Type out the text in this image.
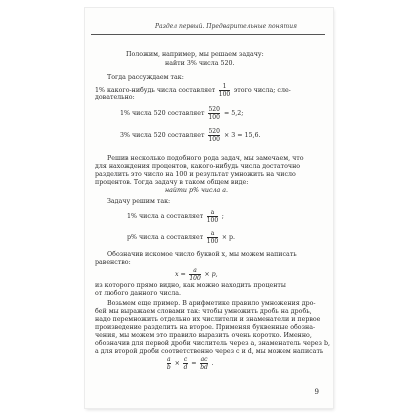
Раздел первый. Предварительные понятия
Положим, например, мы решаем задачу:
найти 3% числа 520.
Тогда рассуждаем так:
1% какого-нибудь числа составляет $\frac{1}{100}$ этого числа; сле-
довательно:
1% числа 520 составляет $\frac{520}{100} = 5,2$;
3% числа 520 составляет $\frac{520}{100} \times 3 = 15,6$.
Решив несколько подобного рода задач, мы замечаем, что
для нахождения процентов, какого-нибудь числа достаточно
разделить это число на 100 и результат умножить на число
процентов. Тогда задачу в таком общем виде:
найти p% числа a.
Задачу решим так:
1% числа a составляет $\frac{a}{100}$ ;
p% числа a составляет $\frac{a}{100} \times p$.
Обозначив искомое число буквой x, мы можем написать
равенство:
$x = \frac{a}{100} \times p$,
из которого прямо видно, как можно находить проценты
от любого данного числа.
Возьмем еще пример. В арифметике правило умножения дро-
бей мы выражаем словами так: чтобы умножить дробь на дробь,
надо перемножить отдельно их числители и знаменатели и первое
произведение разделить на второе. Применяя буквенные обозна-
чения, мы можем это правило выразить очень коротко. Именно,
обозначив для первой дроби числитель через a, знаменатель через b,
а для второй дроби соответственно через c и d, мы можем написать
$\frac{a}{b} \times \frac{c}{d} = \frac{ac}{bd}$ .
9
